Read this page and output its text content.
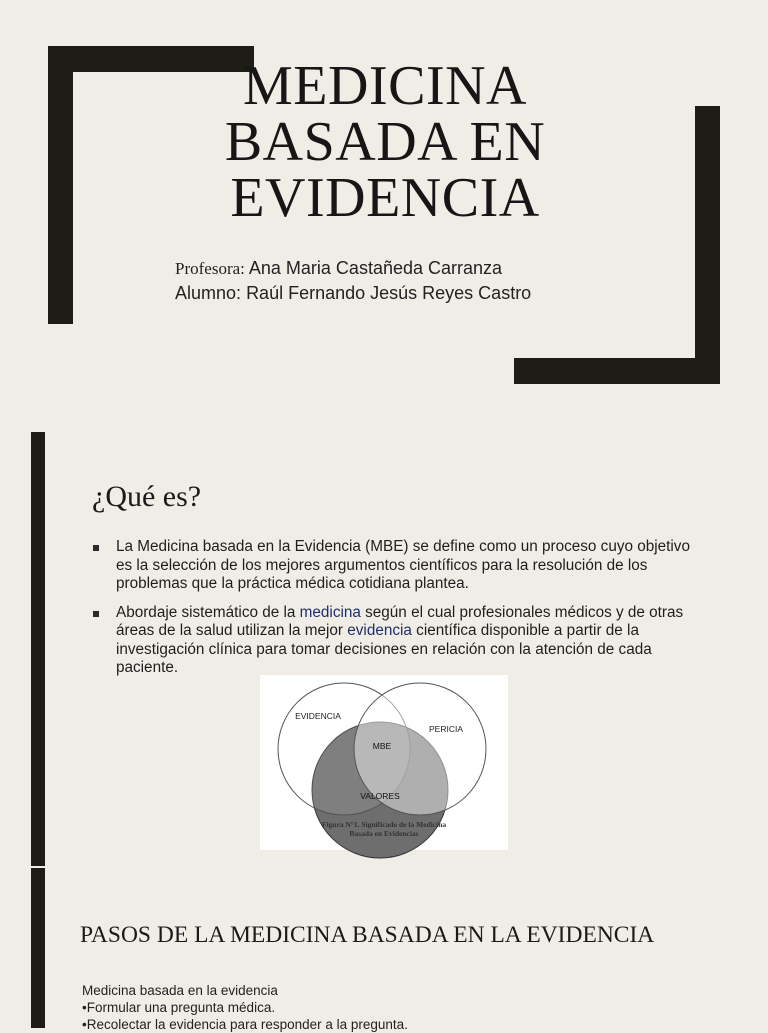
MEDICINA
BASADA EN
EVIDENCIA
Profesora: Ana Maria Castañeda Carranza
Alumno: Raúl Fernando Jesús Reyes Castro
¿Qué es?
La Medicina basada en la Evidencia (MBE) se define como un proceso cuyo objetivo es la selección de los mejores argumentos científicos para la resolución de los problemas que la práctica médica cotidiana plantea.
Abordaje sistemático de la medicina según el cual profesionales médicos y de otras áreas de la salud utilizan la mejor evidencia científica disponible a partir de la investigación clínica para tomar decisiones en relación con la atención de cada paciente.
EVIDENCIA
PERICIA
MBE
VALORES
Figura N°1. Significado de la Medicina
Basada en Evidencias
PASOS DE LA MEDICINA BASADA EN LA EVIDENCIA
Medicina basada en la evidencia
•Formular una pregunta médica.
•Recolectar la evidencia para responder a la pregunta.
